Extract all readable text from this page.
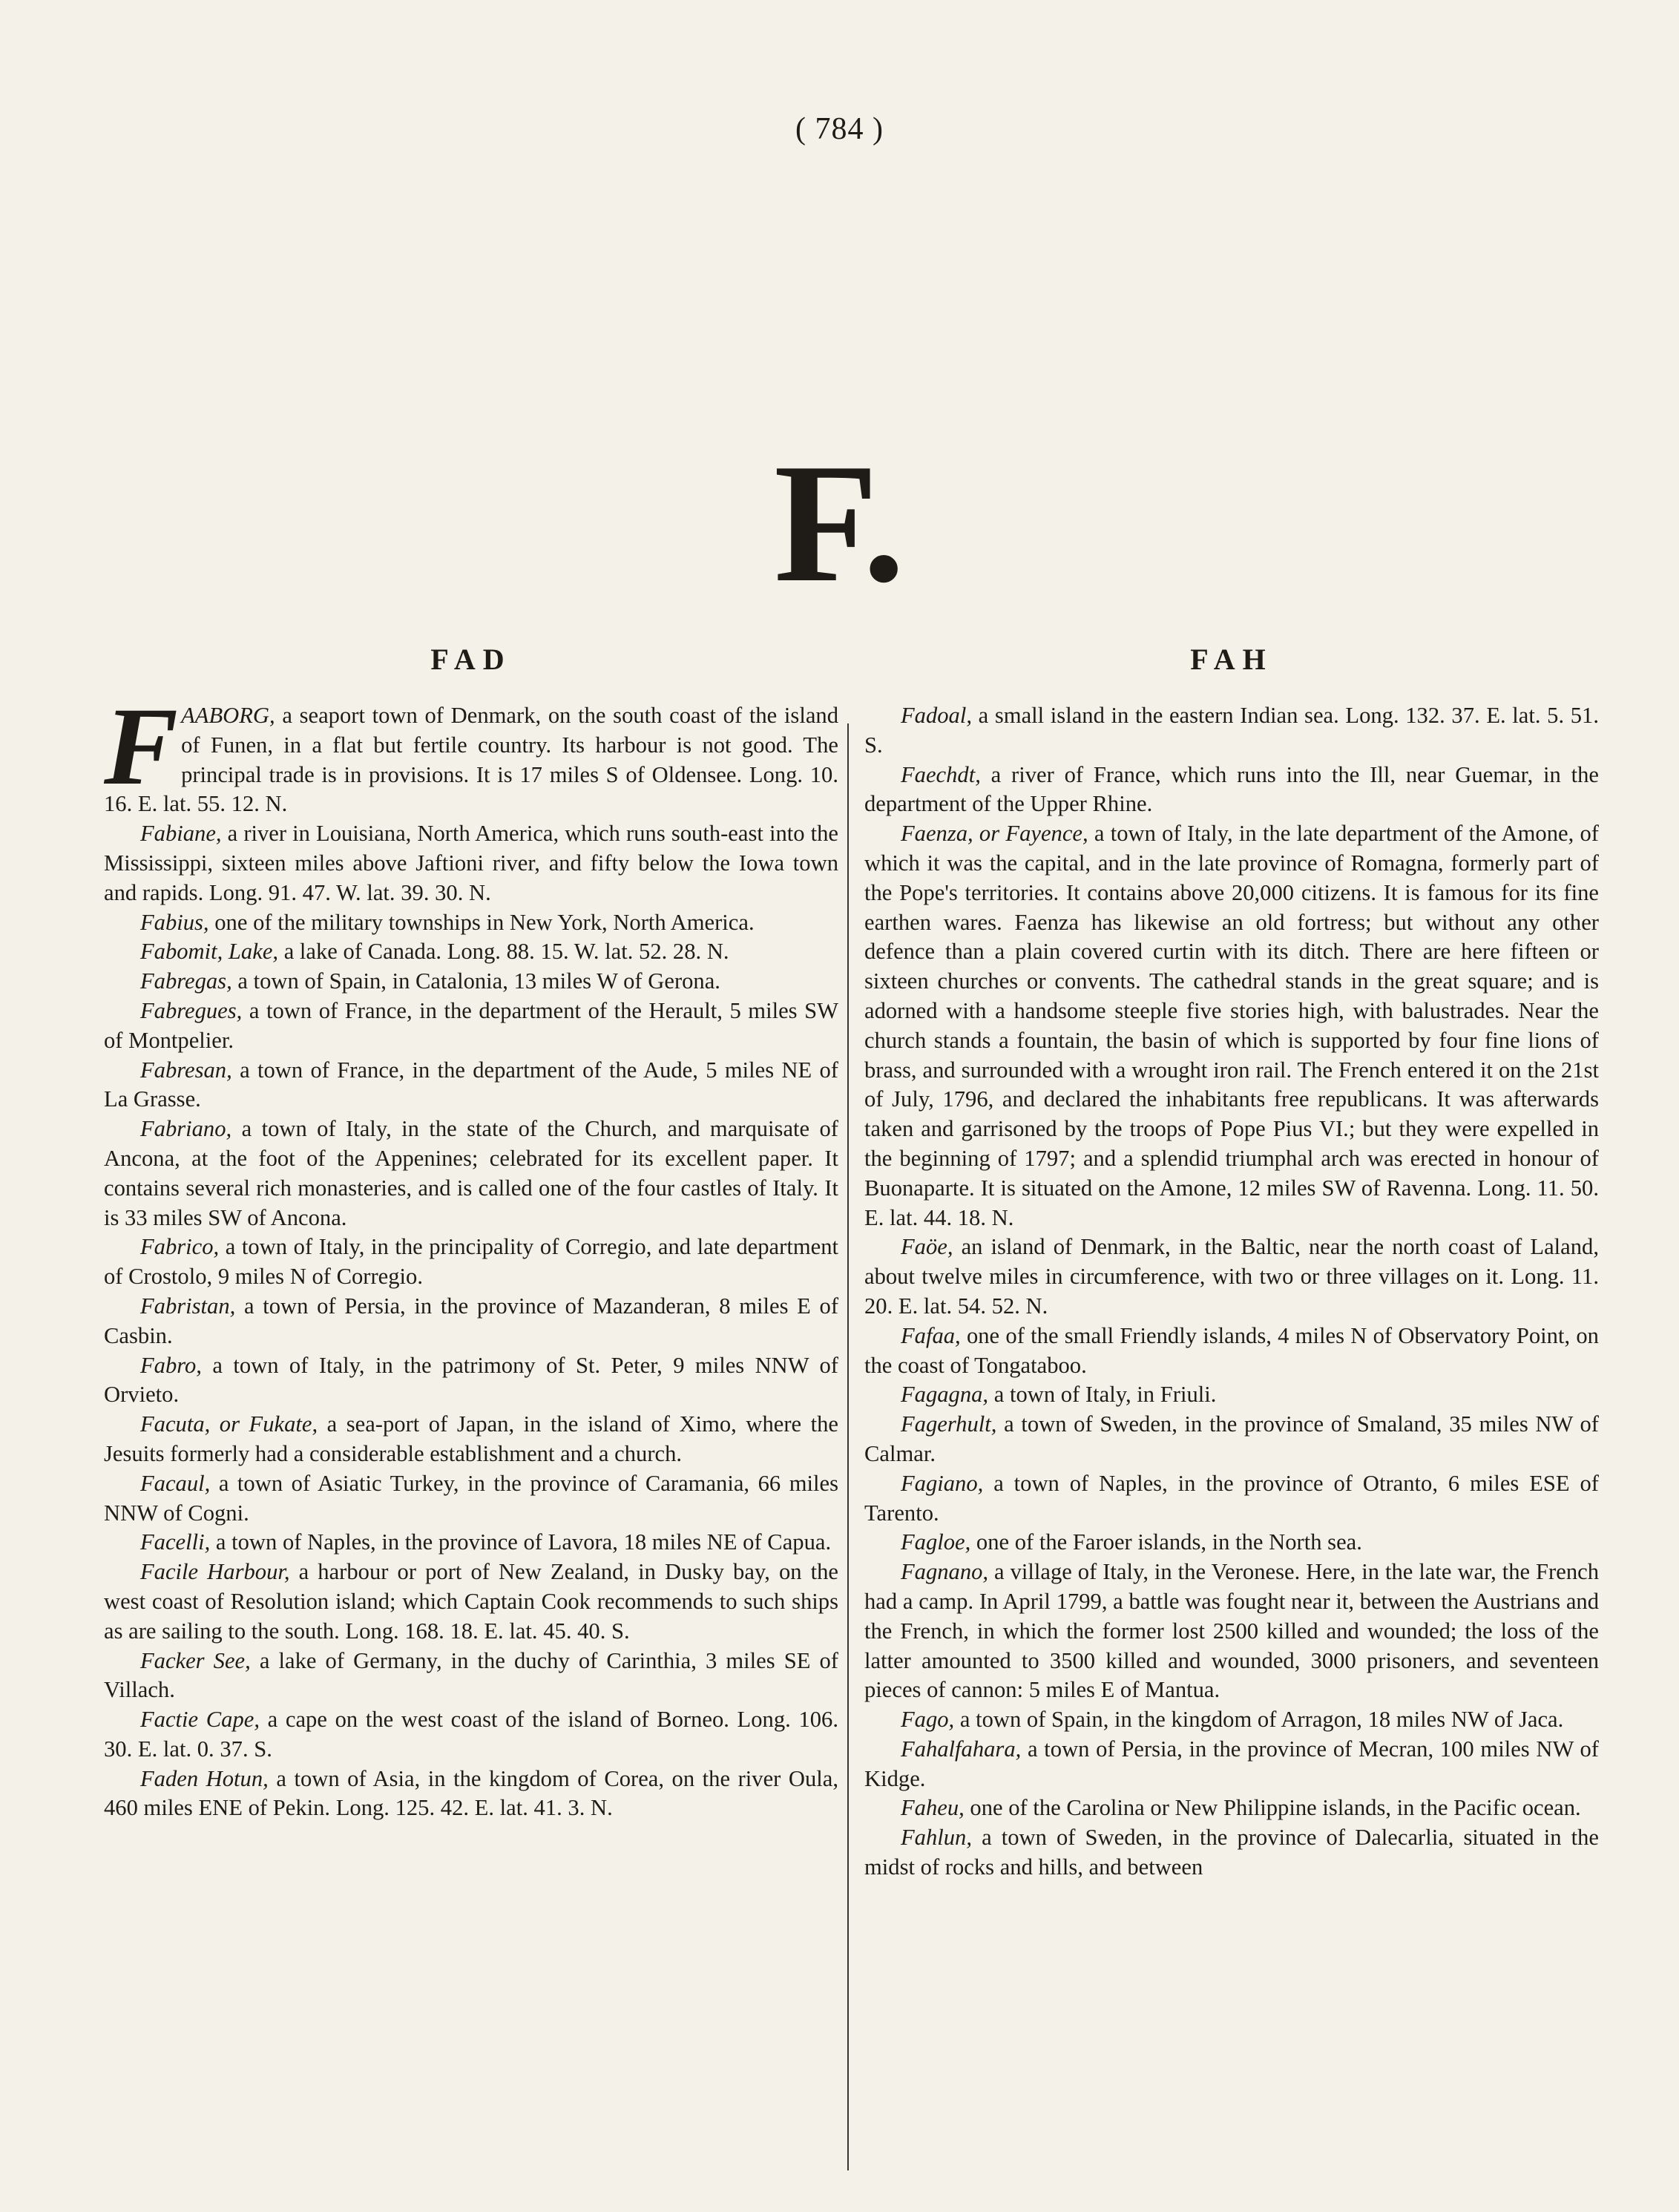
( 784 )
F.
FAD	FAH

F AABORG, a seaport town of Denmark, on the south coast of the island of Funen, in a flat but fertile country. Its harbour is not good. The principal trade is in provisions. It is 17 miles S of Oldensee. Long. 10. 16. E. lat. 55. 12. N.

Fabiane, a river in Louisiana, North America, which runs south-east into the Mississippi, sixteen miles above Jaftioni river, and fifty below the Iowa town and rapids. Long. 91. 47. W. lat. 39. 30. N.

Fabius, one of the military townships in New York, North America.

Fabomit, Lake, a lake of Canada. Long. 88. 15. W. lat. 52. 28. N.

Fabregas, a town of Spain, in Catalonia, 13 miles W of Gerona.

Fabregues, a town of France, in the department of the Herault, 5 miles SW of Montpelier.

Fabresan, a town of France, in the department of the Aude, 5 miles NE of La Grasse.

Fabriano, a town of Italy, in the state of the Church, and marquisate of Ancona, at the foot of the Appenines; celebrated for its excellent paper. It contains several rich monasteries, and is called one of the four castles of Italy. It is 33 miles SW of Ancona.

Fabrico, a town of Italy, in the principality of Corregio, and late department of Crostolo, 9 miles N of Corregio.

Fabristan, a town of Persia, in the province of Mazanderan, 8 miles E of Casbin.

Fabro, a town of Italy, in the patrimony of St. Peter, 9 miles NNW of Orvieto.

Facuta, or Fukate, a sea-port of Japan, in the island of Ximo, where the Jesuits formerly had a considerable establishment and a church.

Facaul, a town of Asiatic Turkey, in the province of Caramania, 66 miles NNW of Cogni.

Facelli, a town of Naples, in the province of Lavora, 18 miles NE of Capua.

Facile Harbour, a harbour or port of New Zealand, in Dusky bay, on the west coast of Resolution island; which Captain Cook recommends to such ships as are sailing to the south. Long. 168. 18. E. lat. 45. 40. S.

Facker See, a lake of Germany, in the duchy of Carinthia, 3 miles SE of Villach.

Factie Cape, a cape on the west coast of the island of Borneo. Long. 106. 30. E. lat. 0. 37. S.

Faden Hotun, a town of Asia, in the kingdom of Corea, on the river Oula, 460 miles ENE of Pekin. Long. 125. 42. E. lat. 41. 3. N.

Fadoal, a small island in the eastern Indian sea. Long. 132. 37. E. lat. 5. 51. S.

Faechdt, a river of France, which runs into the Ill, near Guemar, in the department of the Upper Rhine.

Faenza, or Fayence, a town of Italy, in the late department of the Amone, of which it was the capital, and in the late province of Romagna, formerly part of the Pope's territories. It contains above 20,000 citizens. It is famous for its fine earthen wares. Faenza has likewise an old fortress; but without any other defence than a plain covered curtin with its ditch. There are here fifteen or sixteen churches or convents. The cathedral stands in the great square; and is adorned with a handsome steeple five stories high, with balustrades. Near the church stands a fountain, the basin of which is supported by four fine lions of brass, and surrounded with a wrought iron rail. The French entered it on the 21st of July, 1796, and declared the inhabitants free republicans. It was afterwards taken and garrisoned by the troops of Pope Pius VI.; but they were expelled in the beginning of 1797; and a splendid triumphal arch was erected in honour of Buonaparte. It is situated on the Amone, 12 miles SW of Ravenna. Long. 11. 50. E. lat. 44. 18. N.

Faöe, an island of Denmark, in the Baltic, near the north coast of Laland, about twelve miles in circumference, with two or three villages on it. Long. 11. 20. E. lat. 54. 52. N.

Fafaa, one of the small Friendly islands, 4 miles N of Observatory Point, on the coast of Tongataboo.

Fagagna, a town of Italy, in Friuli.

Fagerhult, a town of Sweden, in the province of Smaland, 35 miles NW of Calmar.

Fagiano, a town of Naples, in the province of Otranto, 6 miles ESE of Tarento.

Fagloe, one of the Faroer islands, in the North sea.

Fagnano, a village of Italy, in the Veronese. Here, in the late war, the French had a camp. In April 1799, a battle was fought near it, between the Austrians and the French, in which the former lost 2500 killed and wounded; the loss of the latter amounted to 3500 killed and wounded, 3000 prisoners, and seventeen pieces of cannon: 5 miles E of Mantua.

Fago, a town of Spain, in the kingdom of Arragon, 18 miles NW of Jaca.

Fahalfahara, a town of Persia, in the province of Mecran, 100 miles NW of Kidge.

Faheu, one of the Carolina or New Philippine islands, in the Pacific ocean.

Fahlun, a town of Sweden, in the province of Dalecarlia, situated in the midst of rocks and hills, and between
